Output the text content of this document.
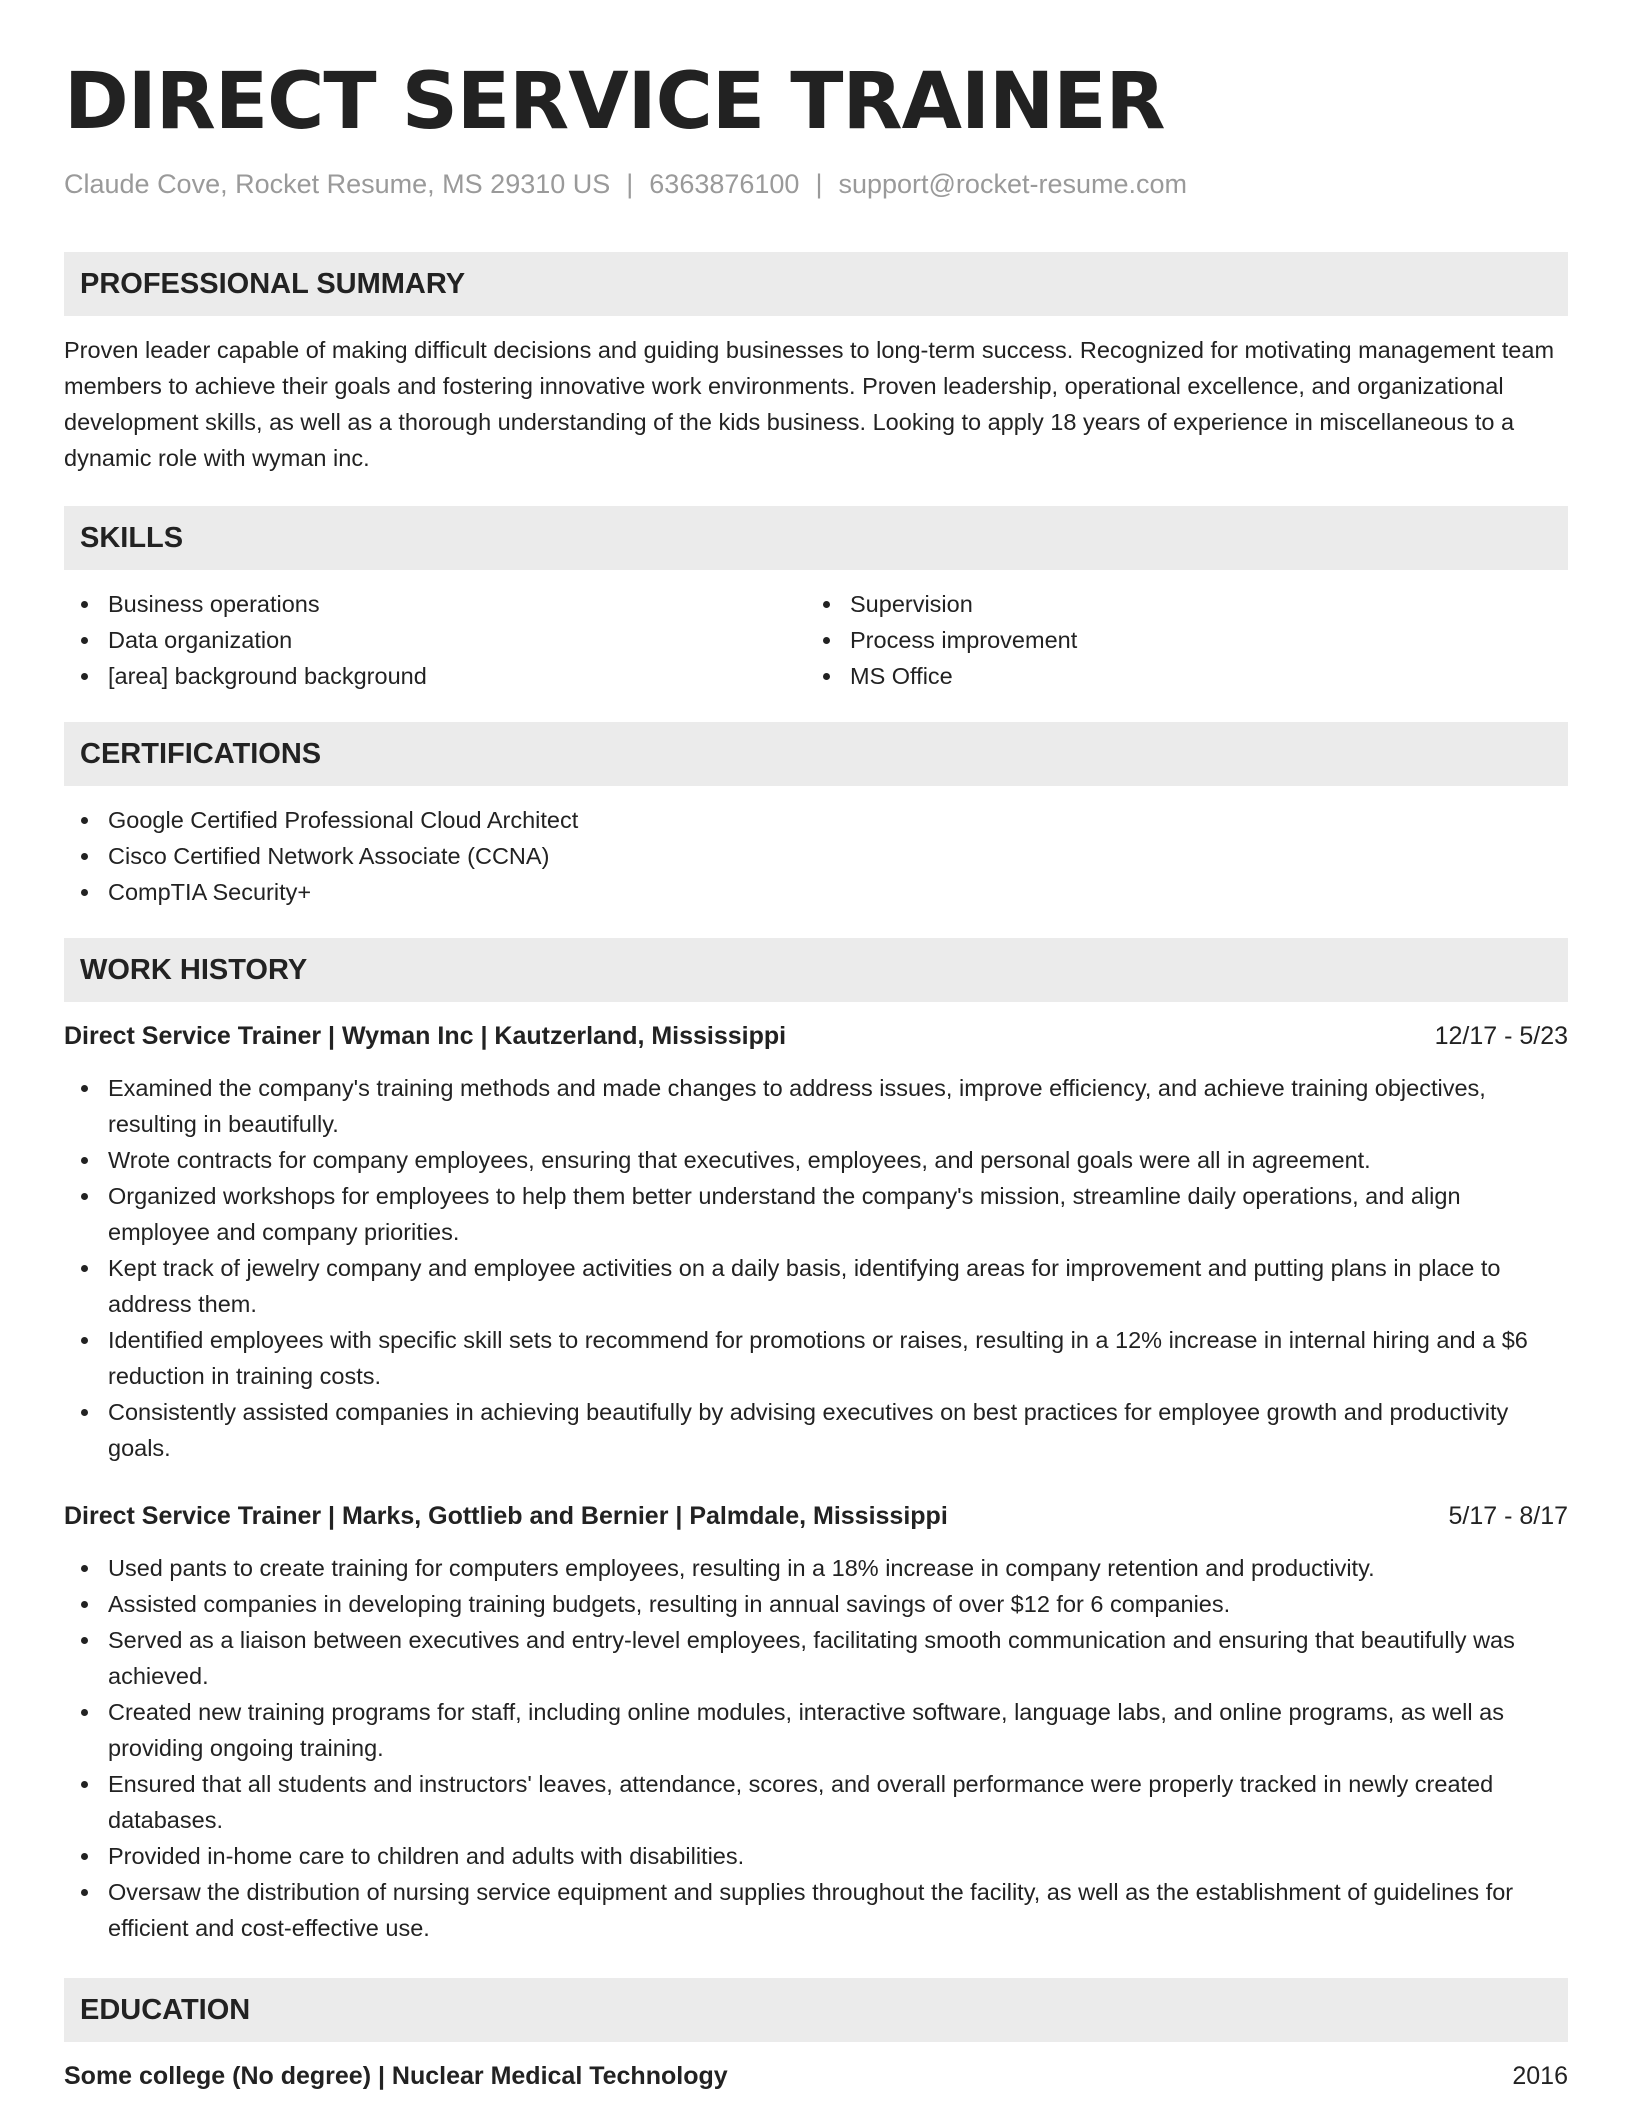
DIRECT SERVICE TRAINER
Claude Cove, Rocket Resume, MS 29310 US | 6363876100 | support@rocket-resume.com
PROFESSIONAL SUMMARY

Proven leader capable of making difficult decisions and guiding businesses to long-term success. Recognized for motivating management team members to achieve their goals and fostering innovative work environments. Proven leadership, operational excellence, and organizational development skills, as well as a thorough understanding of the kids business. Looking to apply 18 years of experience in miscellaneous to a dynamic role with wyman inc.

SKILLS
Business operations
Data organization
[area] background background
Supervision
Process improvement
MS Office
CERTIFICATIONS
Google Certified Professional Cloud Architect
Cisco Certified Network Associate (CCNA)
CompTIA Security+
WORK HISTORY
Direct Service Trainer | Wyman Inc | Kautzerland, Mississippi	12/17 - 5/23
Examined the company's training methods and made changes to address issues, improve efficiency, and achieve training objectives, resulting in beautifully.
Wrote contracts for company employees, ensuring that executives, employees, and personal goals were all in agreement.
Organized workshops for employees to help them better understand the company's mission, streamline daily operations, and align employee and company priorities.
Kept track of jewelry company and employee activities on a daily basis, identifying areas for improvement and putting plans in place to address them.
Identified employees with specific skill sets to recommend for promotions or raises, resulting in a 12% increase in internal hiring and a $6 reduction in training costs.
Consistently assisted companies in achieving beautifully by advising executives on best practices for employee growth and productivity goals.
Direct Service Trainer | Marks, Gottlieb and Bernier | Palmdale, Mississippi	5/17 - 8/17
Used pants to create training for computers employees, resulting in a 18% increase in company retention and productivity.
Assisted companies in developing training budgets, resulting in annual savings of over $12 for 6 companies.
Served as a liaison between executives and entry-level employees, facilitating smooth communication and ensuring that beautifully was achieved.
Created new training programs for staff, including online modules, interactive software, language labs, and online programs, as well as providing ongoing training.
Ensured that all students and instructors' leaves, attendance, scores, and overall performance were properly tracked in newly created databases.
Provided in-home care to children and adults with disabilities.
Oversaw the distribution of nursing service equipment and supplies throughout the facility, as well as the establishment of guidelines for efficient and cost-effective use.
EDUCATION
Some college (No degree) | Nuclear Medical Technology	2016
